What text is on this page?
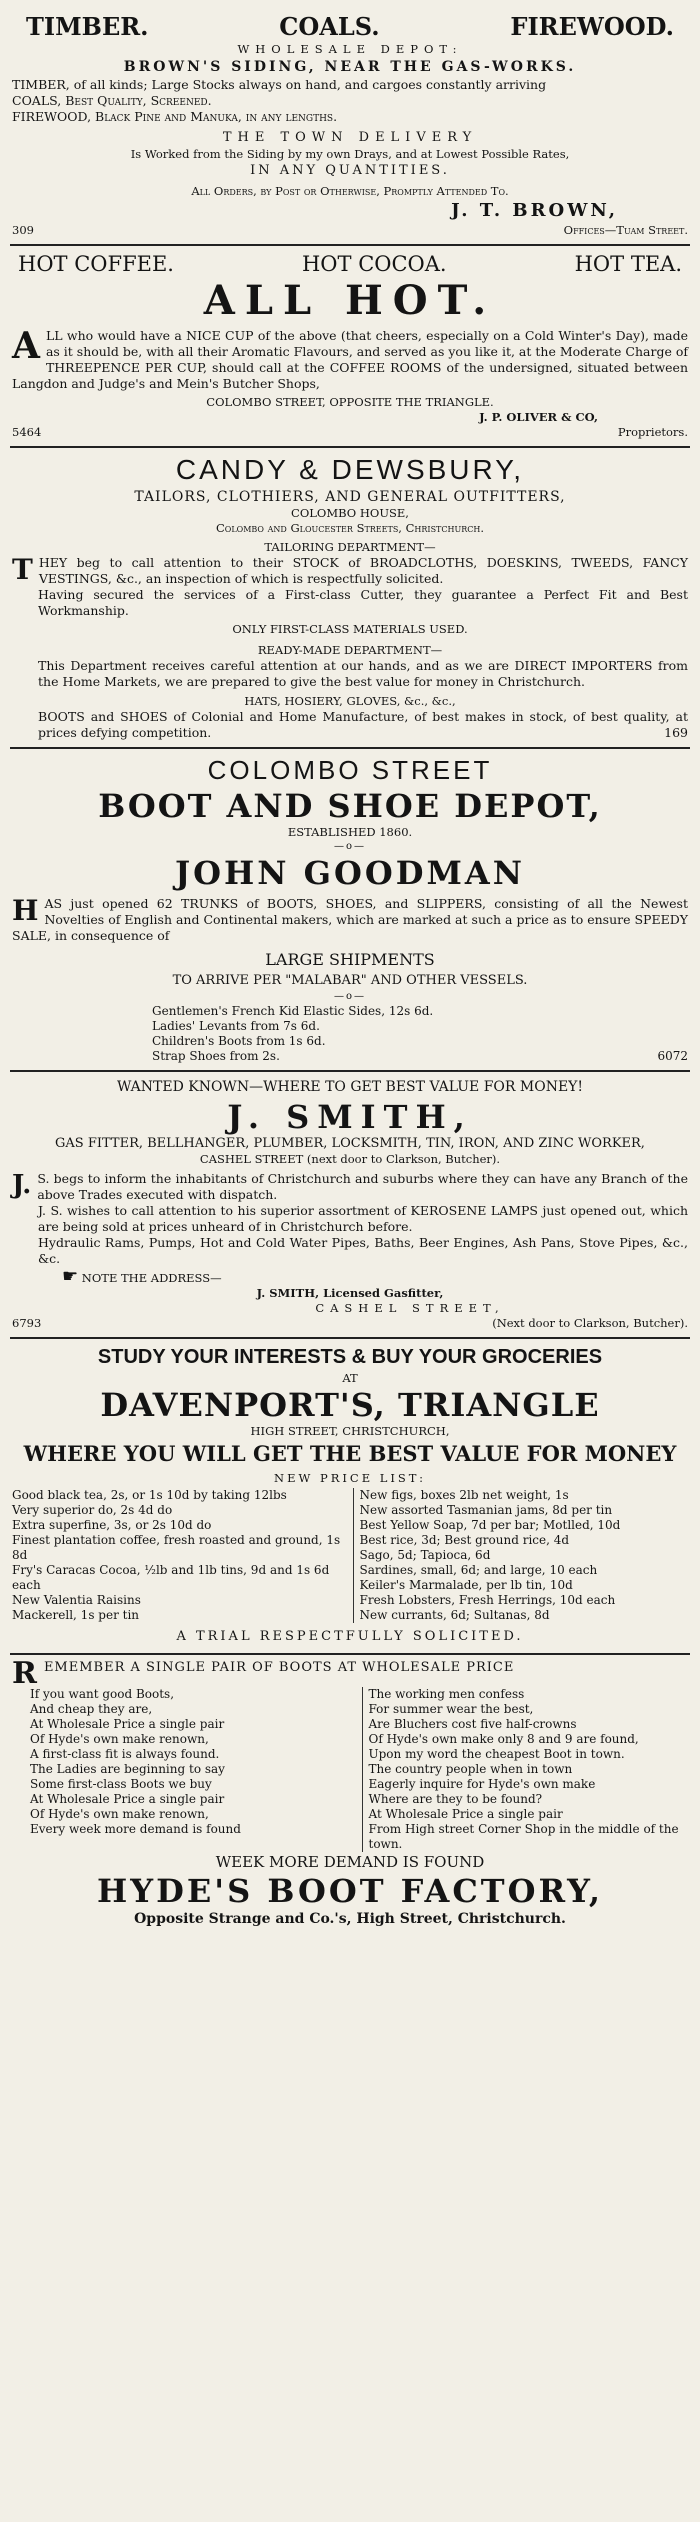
TIMBER.	COALS.	FIREWOOD.
WHOLESALE DEPOT:
BROWN'S SIDING, NEAR THE GAS-WORKS.

TIMBER, of all kinds; Large Stocks always on hand, and cargoes constantly arriving

COALS, Best Quality, Screened.

FIREWOOD, Black Pine and Manuka, in any lengths.

THE TOWN DELIVERY
Is Worked from the Siding by my own Drays, and at Lowest Possible Rates,
IN ANY QUANTITIES.
All Orders, by Post or Otherwise, Promptly Attended To.
J. T. BROWN,
309	Offices—Tuam Street.
HOT COFFEE.	HOT COCOA.	HOT TEA.
ALL HOT.

ALL who would have a NICE CUP of the above (that cheers, especially on a Cold Winter's Day), made as it should be, with all their Aromatic Flavours, and served as you like it, at the Moderate Charge of THREEPENCE PER CUP, should call at the COFFEE ROOMS of the undersigned, situated between Langdon and Judge's and Mein's Butcher Shops,

COLOMBO STREET, OPPOSITE THE TRIANGLE.
J. P. OLIVER & CO,
5464	Proprietors.
CANDY & DEWSBURY,
TAILORS, CLOTHIERS, AND GENERAL OUTFITTERS,
COLOMBO HOUSE,
Colombo and Gloucester Streets, Christchurch.
TAILORING DEPARTMENT—

THEY beg to call attention to their STOCK of BROADCLOTHS, DOESKINS, TWEEDS, FANCY VESTINGS, &c., an inspection of which is respectfully solicited.

Having secured the services of a First-class Cutter, they guarantee a Perfect Fit and Best Workmanship.

ONLY FIRST-CLASS MATERIALS USED.
READY-MADE DEPARTMENT—

This Department receives careful attention at our hands, and as we are DIRECT IMPORTERS from the Home Markets, we are prepared to give the best value for money in Christchurch.

HATS, HOSIERY, GLOVES, &c., &c.,

BOOTS and SHOES of Colonial and Home Manufacture, of best makes in stock, of best quality, at prices defying competition.	169

COLOMBO STREET
BOOT AND SHOE DEPOT,
ESTABLISHED 1860.
—o—
JOHN GOODMAN

HAS just opened 62 TRUNKS of BOOTS, SHOES, and SLIPPERS, consisting of all the Newest Novelties of English and Continental makers, which are marked at such a price as to ensure SPEEDY SALE, in consequence of

LARGE SHIPMENTS
TO ARRIVE PER "MALABAR" AND OTHER VESSELS.
—o—
Gentlemen's French Kid Elastic Sides, 12s 6d.
Ladies' Levants from 7s 6d.
Children's Boots from 1s 6d.
Strap Shoes from 2s.	6072
WANTED KNOWN—WHERE TO GET BEST VALUE FOR MONEY!
J. SMITH,
GAS FITTER, BELLHANGER, PLUMBER, LOCKSMITH, TIN, IRON, AND ZINC WORKER,
CASHEL STREET (next door to Clarkson, Butcher).

J. S. begs to inform the inhabitants of Christchurch and suburbs where they can have any Branch of the above Trades executed with dispatch.

J. S. wishes to call attention to his superior assortment of KEROSENE LAMPS just opened out, which are being sold at prices unheard of in Christchurch before.

Hydraulic Rams, Pumps, Hot and Cold Water Pipes, Baths, Beer Engines, Ash Pans, Stove Pipes, &c., &c.

☛ NOTE THE ADDRESS—
J. SMITH, Licensed Gasfitter,
CASHEL STREET,
6793	(Next door to Clarkson, Butcher).
STUDY YOUR INTERESTS & BUY YOUR GROCERIES
AT
DAVENPORT'S, TRIANGLE
HIGH STREET, CHRISTCHURCH,
WHERE YOU WILL GET THE BEST VALUE FOR MONEY
NEW PRICE LIST:
Good black tea, 2s, or 1s 10d by taking 12lbs
Very superior do, 2s 4d do
Extra superfine, 3s, or 2s 10d do
Finest plantation coffee, fresh roasted and ground, 1s 8d
Fry's Caracas Cocoa, ½lb and 1lb tins, 9d and 1s 6d each
New Valentia Raisins
Mackerell, 1s per tin
New figs, boxes 2lb net weight, 1s
New assorted Tasmanian jams, 8d per tin
Best Yellow Soap, 7d per bar; Motlled, 10d
Best rice, 3d; Best ground rice, 4d
Sago, 5d; Tapioca, 6d
Sardines, small, 6d; and large, 10 each
Keiler's Marmalade, per lb tin, 10d
Fresh Lobsters, Fresh Herrings, 10d each
New currants, 6d; Sultanas, 8d
A TRIAL RESPECTFULLY SOLICITED.
REMEMBER A SINGLE PAIR OF BOOTS AT WHOLESALE PRICE
If you want good Boots,
And cheap they are,
At Wholesale Price a single pair
Of Hyde's own make renown,
A first-class fit is always found.
The Ladies are beginning to say
Some first-class Boots we buy
At Wholesale Price a single pair
Of Hyde's own make renown,
Every week more demand is found
The working men confess
For summer wear the best,
Are Bluchers cost five half-crowns
Of Hyde's own make only 8 and 9 are found,
Upon my word the cheapest Boot in town.
The country people when in town
Eagerly inquire for Hyde's own make
Where are they to be found?
At Wholesale Price a single pair
From High street Corner Shop in the middle of the town.
WEEK MORE DEMAND IS FOUND
HYDE'S BOOT FACTORY,
Opposite Strange and Co.'s, High Street, Christchurch.
